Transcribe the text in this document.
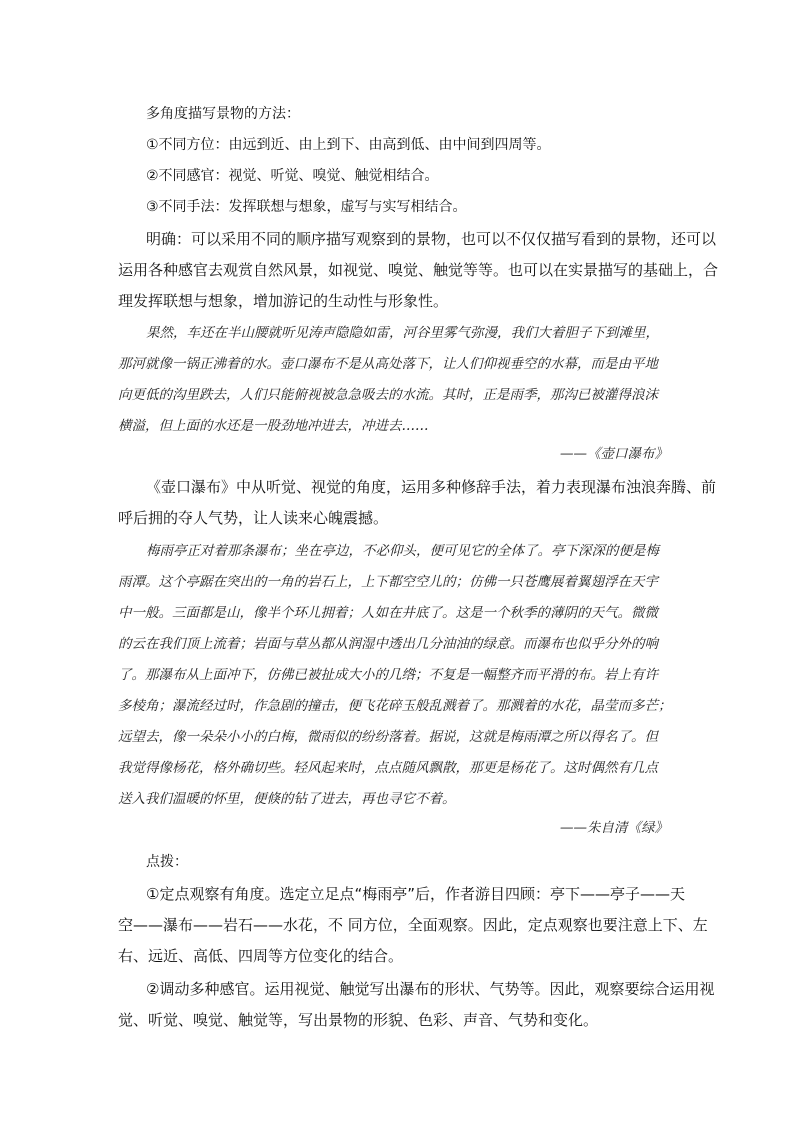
多角度描写景物的方法：
①不同方位：由远到近、由上到下、由高到低、由中间到四周等。
②不同感官：视觉、听觉、嗅觉、触觉相结合。
③不同手法：发挥联想与想象，虚写与实写相结合。
明确：可以采用不同的顺序描写观察到的景物，也可以不仅仅描写看到的景物，还可以
运用各种感官去观赏自然风景，如视觉、嗅觉、触觉等等。也可以在实景描写的基础上，合
理发挥联想与想象，增加游记的生动性与形象性。
果然，车还在半山腰就听见涛声隐隐如雷，河谷里雾气弥漫，我们大着胆子下到滩里，
那河就像一锅正沸着的水。壶口瀑布不是从高处落下，让人们仰视垂空的水幕，而是由平地
向更低的沟里跌去，人们只能俯视被急急吸去的水流。其时，正是雨季，那沟已被灌得浪沫
横溢，但上面的水还是一股劲地冲进去，冲进去……
——《壶口瀑布》
《壶口瀑布》中从听觉、视觉的角度，运用多种修辞手法，着力表现瀑布浊浪奔腾、前
呼后拥的夺人气势，让人读来心魄震撼。
梅雨亭正对着那条瀑布；坐在亭边，不必仰头，便可见它的全体了。亭下深深的便是梅
雨潭。这个亭踞在突出的一角的岩石上，上下都空空儿的；仿佛一只苍鹰展着翼翅浮在天宇
中一般。三面都是山，像半个环儿拥着；人如在井底了。这是一个秋季的薄阴的天气。微微
的云在我们顶上流着；岩面与草丛都从润湿中透出几分油油的绿意。而瀑布也似乎分外的响
了。那瀑布从上面冲下，仿佛已被扯成大小的几绺；不复是一幅整齐而平滑的布。岩上有许
多棱角；瀑流经过时，作急剧的撞击，便飞花碎玉般乱溅着了。那溅着的水花，晶莹而多芒；
远望去，像一朵朵小小的白梅，微雨似的纷纷落着。据说，这就是梅雨潭之所以得名了。但
我觉得像杨花，格外确切些。轻风起来时，点点随风飘散，那更是杨花了。这时偶然有几点
送入我们温暖的怀里，便倏的钻了进去，再也寻它不着。
——朱自清《绿》
点拨：
①定点观察有角度。选定立足点“梅雨亭”后，作者游目四顾：亭下——亭子——天
空——瀑布——岩石——水花，不 同方位，全面观察。因此，定点观察也要注意上下、左
右、远近、高低、四周等方位变化的结合。
②调动多种感官。运用视觉、触觉写出瀑布的形状、气势等。因此，观察要综合运用视
觉、听觉、嗅觉、触觉等，写出景物的形貌、色彩、声音、气势和变化。
